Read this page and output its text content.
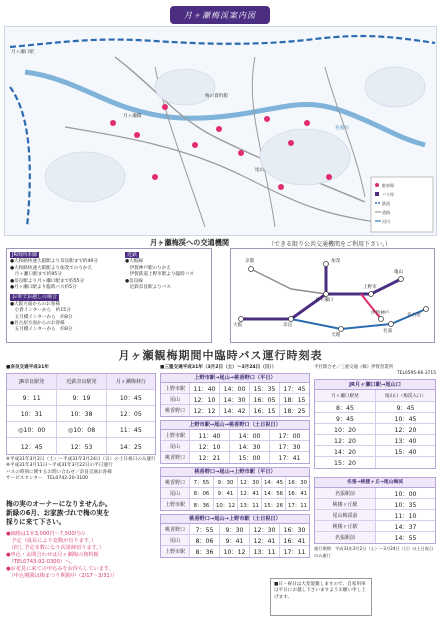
月ヶ瀬梅渓案内図
駐車場
バス停
鉄道
道路
河川
月ヶ瀬口駅
月ヶ瀬橋
尾山
梅の資料館
名張川
月ヶ瀬梅渓への交通機関	（できる限り公共交通機関をご利用下さい。）
JR関西本線
●大和路快速大阪駅より奈良駅まで約49分
●大和路快速大阪駅より加茂でのりかえ
　月ヶ瀬口駅まで約95分
●奈良駅より月ヶ瀬口駅まで約55分
●月ヶ瀬口駅より臨時バス約5分
お車でお越しの場合
●大阪方面からのお客様
　小倉インターから　約15分
　五月橋インターから　約8分
●名古屋方面からのお客様
　五月橋インターから　約8分
近鉄
●大阪線
　伊賀神戸駅のりかえ
　伊賀鉄道上野市駅より臨時バス
●奈良線
　近鉄奈良駅よりバス
大阪
京都
奈良
加茂
月ヶ瀬口
上野市
亀山
天理
名張
名古屋
伊賀神戸
月ヶ瀬観梅期間中臨時バス運行時刻表
■奈良交通平成31年
JR奈良駅発	近鉄奈良駅発	月ヶ瀬梅林行
9：11	9：19	10：45
10：31	10：38	12：05
◎10：00	◎10：08	11：45
12：45	12：53	14：25
※平成31年3月2日（土）〜平成31年3月24日（日）の土日祝日のみ運行
※平成31年3月11日〜平成31年3月22日の平日運行
バスの時刻に関するお問い合わせ／奈良交通お客様
サービスセンター　TEL0742-20-3100
梅の実のオーナーになりませんか。
新緑の6月、お家族づれで梅の実を
採りに来て下さい。
●価格は1本3,000円〜7,500円の
　予定（成長により変動が有ります。）
　（但し予定本数になり次第締切ります。）
●申込・お問合わせは月ヶ瀬梅の資料館
　（TEL0743-92-0300）へ。
●お花見に来ての申込みをお待ちしています。
　（申込期間は梅まつり期間中（2/17〜3/31））
■三重交通平成31年（3月2日（土）〜3月24日（日））
上野市駅→尾山→桃香野口（平日）
上野市駅	11：40	14：00	15：35	17：45
尾山	12：10	14：30	16：05	18：15
桃香野口	12：12	14：42	16：15	18：25
上野市駅→尾山→桃香野口（土日祝日）
上野市駅	11：40	14：00	17：00
尾山	12：10	14：30	17：30
桃香野口	12：21	15：00	17：41
桃香野口→尾山→上野市駅（平日）
桃香野口	7：55	9：30	12：30 14：45 16：30
尾山	8：06	9：41	12：41 14：56 16：41
上野市駅	8：36	10：12 13：11 15：26 17：11
桃香野口→尾山→上野市駅（土日祝日）
桃香野口	7：55	9：30	12：30	16：30
尾山	8：06	9：41	12：41	16：41
上野市駅	8：36	10：12	13：11	17：11
平社問合せ／三重交通（株）伊賀営業所
TEL0595-66-3715
JR月ヶ瀬口駅→尾山口
月ヶ瀬口駅発	尾山口（梅渓入口）
8：45	9：45
9：45	10：45
10：20	12：20
12：20	13：40
14：20	15：40
15：20
名張→桃楼ヶ丘→尾山梅渓
名張駅前	10：00
桃楼ヶ丘駅	10：35
尾山梅渓前	11：10
桃楼ヶ丘駅	14：37
名張駅前	14：55
運行期間　平成31年3月2日（土）〜3月24日（日）の土日祝日のみ運行
■日・祝日は大変混雑しますので、自家用車は平日にお越し下さいますようお願い申し上げます。
